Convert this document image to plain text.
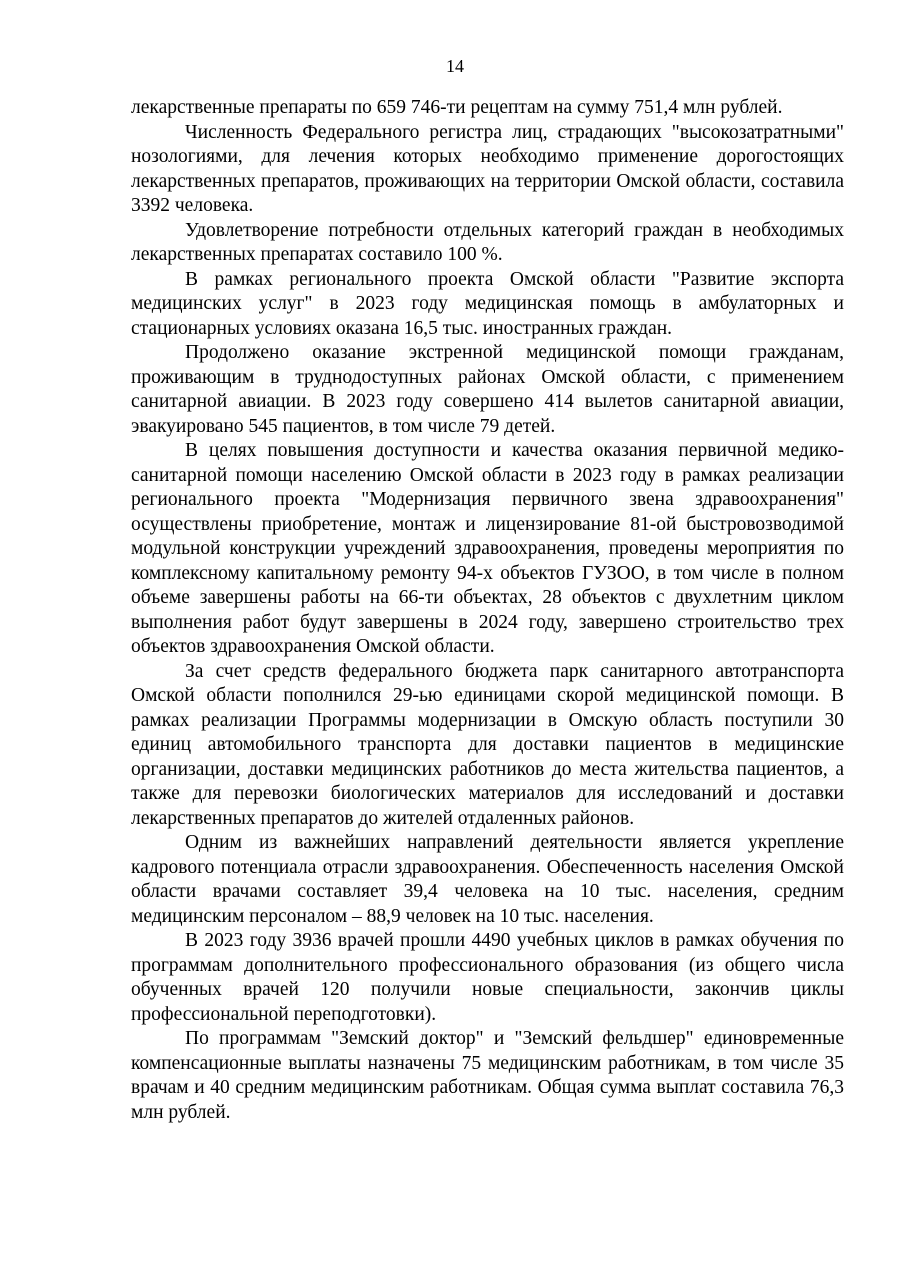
14

лекарственные препараты по 659 746-ти рецептам на сумму 751,4 млн рублей.

Численность Федерального регистра лиц, страдающих "высокозатратными" нозологиями, для лечения которых необходимо применение дорогостоящих лекарственных препаратов, проживающих на территории Омской области, составила 3392 человека.

Удовлетворение потребности отдельных категорий граждан в необходимых лекарственных препаратах составило 100 %.

В рамках регионального проекта Омской области "Развитие экспорта медицинских услуг" в 2023 году медицинская помощь в амбулаторных и стационарных условиях оказана 16,5 тыс. иностранных граждан.

Продолжено оказание экстренной медицинской помощи гражданам, проживающим в труднодоступных районах Омской области, с применением санитарной авиации. В 2023 году совершено 414 вылетов санитарной авиации, эвакуировано 545 пациентов, в том числе 79 детей.

В целях повышения доступности и качества оказания первичной медико-санитарной помощи населению Омской области в 2023 году в рамках реализации регионального проекта "Модернизация первичного звена здравоохранения" осуществлены приобретение, монтаж и лицензирование 81-ой быстровозводимой модульной конструкции учреждений здравоохранения, проведены мероприятия по комплексному капитальному ремонту 94-х объектов ГУЗОО, в том числе в полном объеме завершены работы на 66-ти объектах, 28 объектов с двухлетним циклом выполнения работ будут завершены в 2024 году, завершено строительство трех объектов здравоохранения Омской области.

За счет средств федерального бюджета парк санитарного автотранспорта Омской области пополнился 29-ью единицами скорой медицинской помощи. В рамках реализации Программы модернизации в Омскую область поступили 30 единиц автомобильного транспорта для доставки пациентов в медицинские организации, доставки медицинских работников до места жительства пациентов, а также для перевозки биологических материалов для исследований и доставки лекарственных препаратов до жителей отдаленных районов.

Одним из важнейших направлений деятельности является укрепление кадрового потенциала отрасли здравоохранения. Обеспеченность населения Омской области врачами составляет 39,4 человека на 10 тыс. населения, средним медицинским персоналом – 88,9 человек на 10 тыс. населения.

В 2023 году 3936 врачей прошли 4490 учебных циклов в рамках обучения по программам дополнительного профессионального образования (из общего числа обученных врачей 120 получили новые специальности, закончив циклы профессиональной переподготовки).

По программам "Земский доктор" и "Земский фельдшер" единовременные компенсационные выплаты назначены 75 медицинским работникам, в том числе 35 врачам и 40 средним медицинским работникам. Общая сумма выплат составила 76,3 млн рублей.
